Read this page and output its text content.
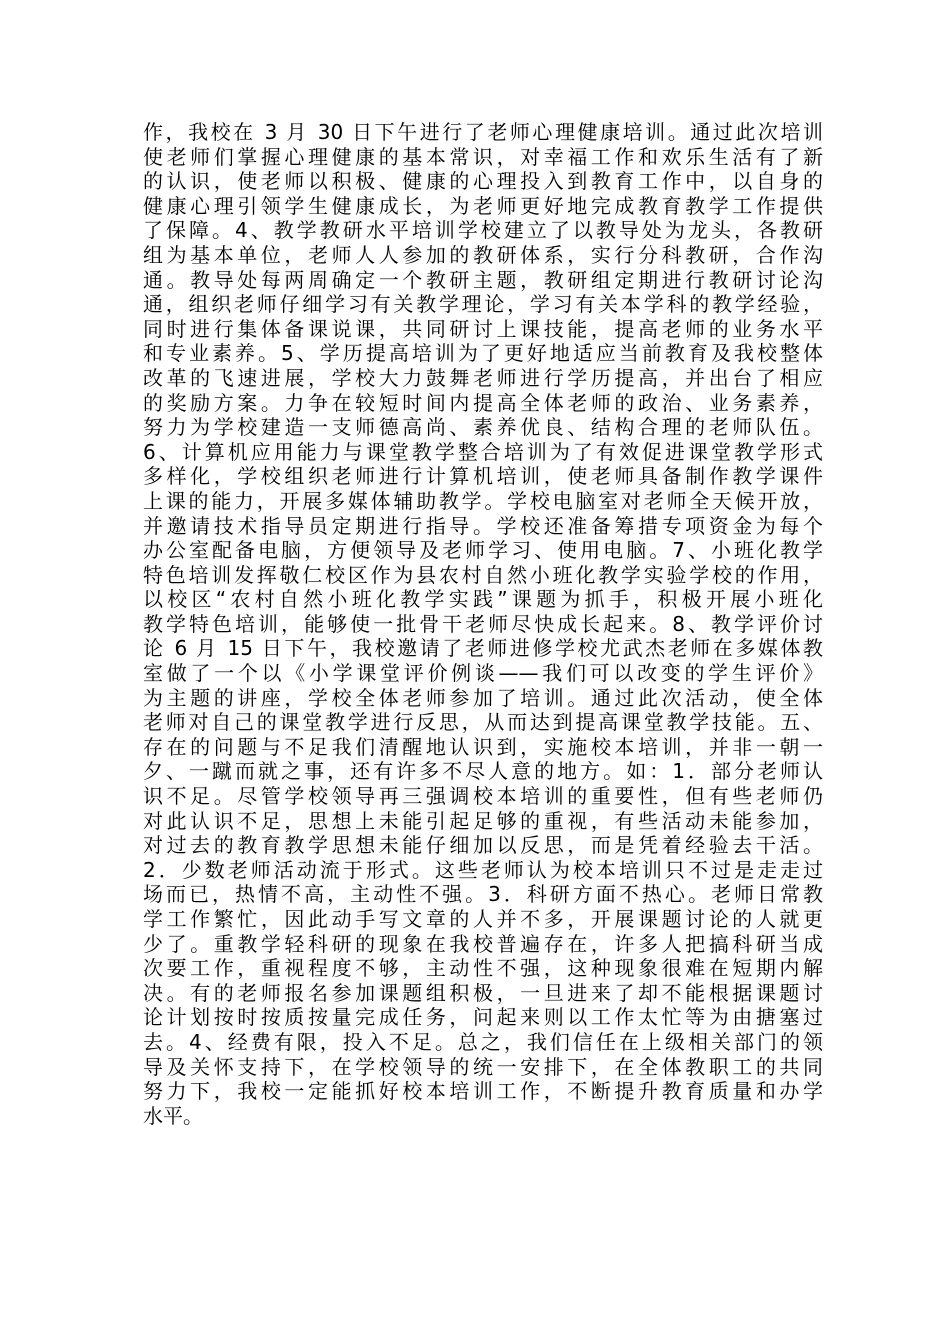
作，我校在 3 月 30 日下午进行了老师心理健康培训。通过此次培训
使老师们掌握心理健康的基本常识，对幸福工作和欢乐生活有了新
的认识，使老师以积极、健康的心理投入到教育工作中，以自身的
健康心理引领学生健康成长，为老师更好地完成教育教学工作提供
了保障。4、教学教研水平培训学校建立了以教导处为龙头，各教研
组为基本单位，老师人人参加的教研体系，实行分科教研，合作沟
通。教导处每两周确定一个教研主题，教研组定期进行教研讨论沟
通，组织老师仔细学习有关教学理论，学习有关本学科的教学经验，
同时进行集体备课说课，共同研讨上课技能，提高老师的业务水平
和专业素养。5、学历提高培训为了更好地适应当前教育及我校整体
改革的飞速进展，学校大力鼓舞老师进行学历提高，并出台了相应
的奖励方案。力争在较短时间内提高全体老师的政治、业务素养，
努力为学校建造一支师德高尚、素养优良、结构合理的老师队伍。
6、计算机应用能力与课堂教学整合培训为了有效促进课堂教学形式
多样化，学校组织老师进行计算机培训，使老师具备制作教学课件
上课的能力，开展多媒体辅助教学。学校电脑室对老师全天候开放，
并邀请技术指导员定期进行指导。学校还准备筹措专项资金为每个
办公室配备电脑，方便领导及老师学习、使用电脑。7、小班化教学
特色培训发挥敬仁校区作为县农村自然小班化教学实验学校的作用，
以校区“农村自然小班化教学实践”课题为抓手，积极开展小班化
教学特色培训，能够使一批骨干老师尽快成长起来。8、教学评价讨
论 6 月 15 日下午，我校邀请了老师进修学校尤武杰老师在多媒体教
室做了一个以《小学课堂评价例谈——我们可以改变的学生评价》
为主题的讲座，学校全体老师参加了培训。通过此次活动，使全体
老师对自己的课堂教学进行反思，从而达到提高课堂教学技能。五、
存在的问题与不足我们清醒地认识到，实施校本培训，并非一朝一
夕、一蹴而就之事，还有许多不尽人意的地方。如：1．部分老师认
识不足。尽管学校领导再三强调校本培训的重要性，但有些老师仍
对此认识不足，思想上未能引起足够的重视，有些活动未能参加，
对过去的教育教学思想未能仔细加以反思，而是凭着经验去干活。
2．少数老师活动流于形式。这些老师认为校本培训只不过是走走过
场而已，热情不高，主动性不强。3．科研方面不热心。老师日常教
学工作繁忙，因此动手写文章的人并不多，开展课题讨论的人就更
少了。重教学轻科研的现象在我校普遍存在，许多人把搞科研当成
次要工作，重视程度不够，主动性不强，这种现象很难在短期内解
决。有的老师报名参加课题组积极，一旦进来了却不能根据课题讨
论计划按时按质按量完成任务，问起来则以工作太忙等为由搪塞过
去。4、经费有限，投入不足。总之，我们信任在上级相关部门的领
导及关怀支持下，在学校领导的统一安排下，在全体教职工的共同
努力下，我校一定能抓好校本培训工作，不断提升教育质量和办学
水平。
